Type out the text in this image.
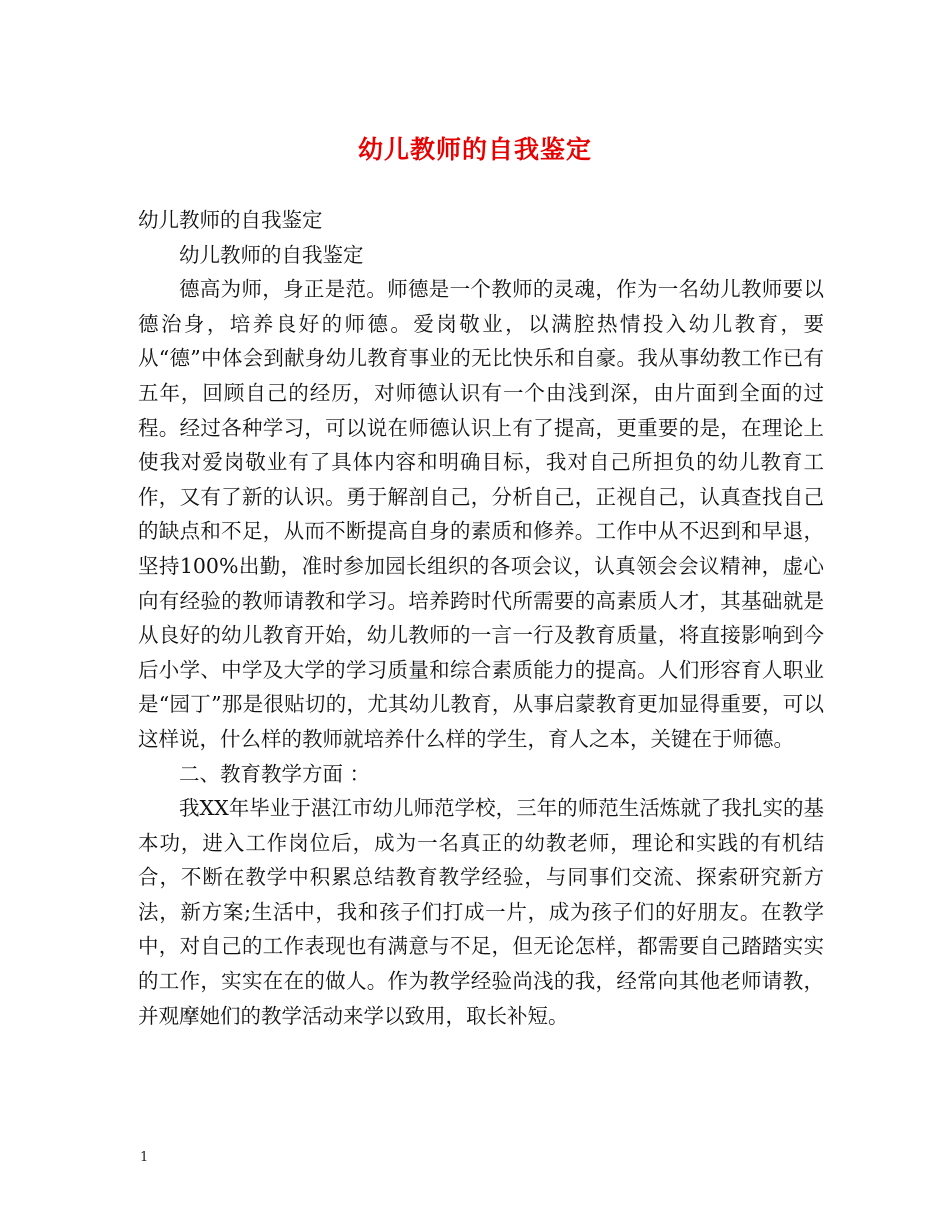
幼儿教师的自我鉴定

幼儿教师的自我鉴定

幼儿教师的自我鉴定

德高为师，身正是范。师德是一个教师的灵魂，作为一名幼儿教师要以德治身，培养良好的师德。爱岗敬业，以满腔热情投入幼儿教育，要从“德”中体会到献身幼儿教育事业的无比快乐和自豪。我从事幼教工作已有五年，回顾自己的经历，对师德认识有一个由浅到深，由片面到全面的过程。经过各种学习，可以说在师德认识上有了提高，更重要的是，在理论上使我对爱岗敬业有了具体内容和明确目标，我对自己所担负的幼儿教育工作，又有了新的认识。勇于解剖自己，分析自己，正视自己，认真查找自己的缺点和不足，从而不断提高自身的素质和修养。工作中从不迟到和早退，坚持100%出勤，准时参加园长组织的各项会议，认真领会会议精神，虚心向有经验的教师请教和学习。培养跨时代所需要的高素质人才，其基础就是从良好的幼儿教育开始，幼儿教师的一言一行及教育质量，将直接影响到今后小学、中学及大学的学习质量和综合素质能力的提高。人们形容育人职业是“园丁”那是很贴切的，尤其幼儿教育，从事启蒙教育更加显得重要，可以这样说，什么样的教师就培养什么样的学生，育人之本，关键在于师德。

二、教育教学方面 ：

我XX年毕业于湛江市幼儿师范学校，三年的师范生活炼就了我扎实的基本功，进入工作岗位后，成为一名真正的幼教老师，理论和实践的有机结合，不断在教学中积累总结教育教学经验，与同事们交流、探索研究新方法，新方案;生活中，我和孩子们打成一片，成为孩子们的好朋友。在教学中，对自己的工作表现也有满意与不足，但无论怎样，都需要自己踏踏实实的工作，实实在在的做人。作为教学经验尚浅的我，经常向其他老师请教，并观摩她们的教学活动来学以致用，取长补短。

1
